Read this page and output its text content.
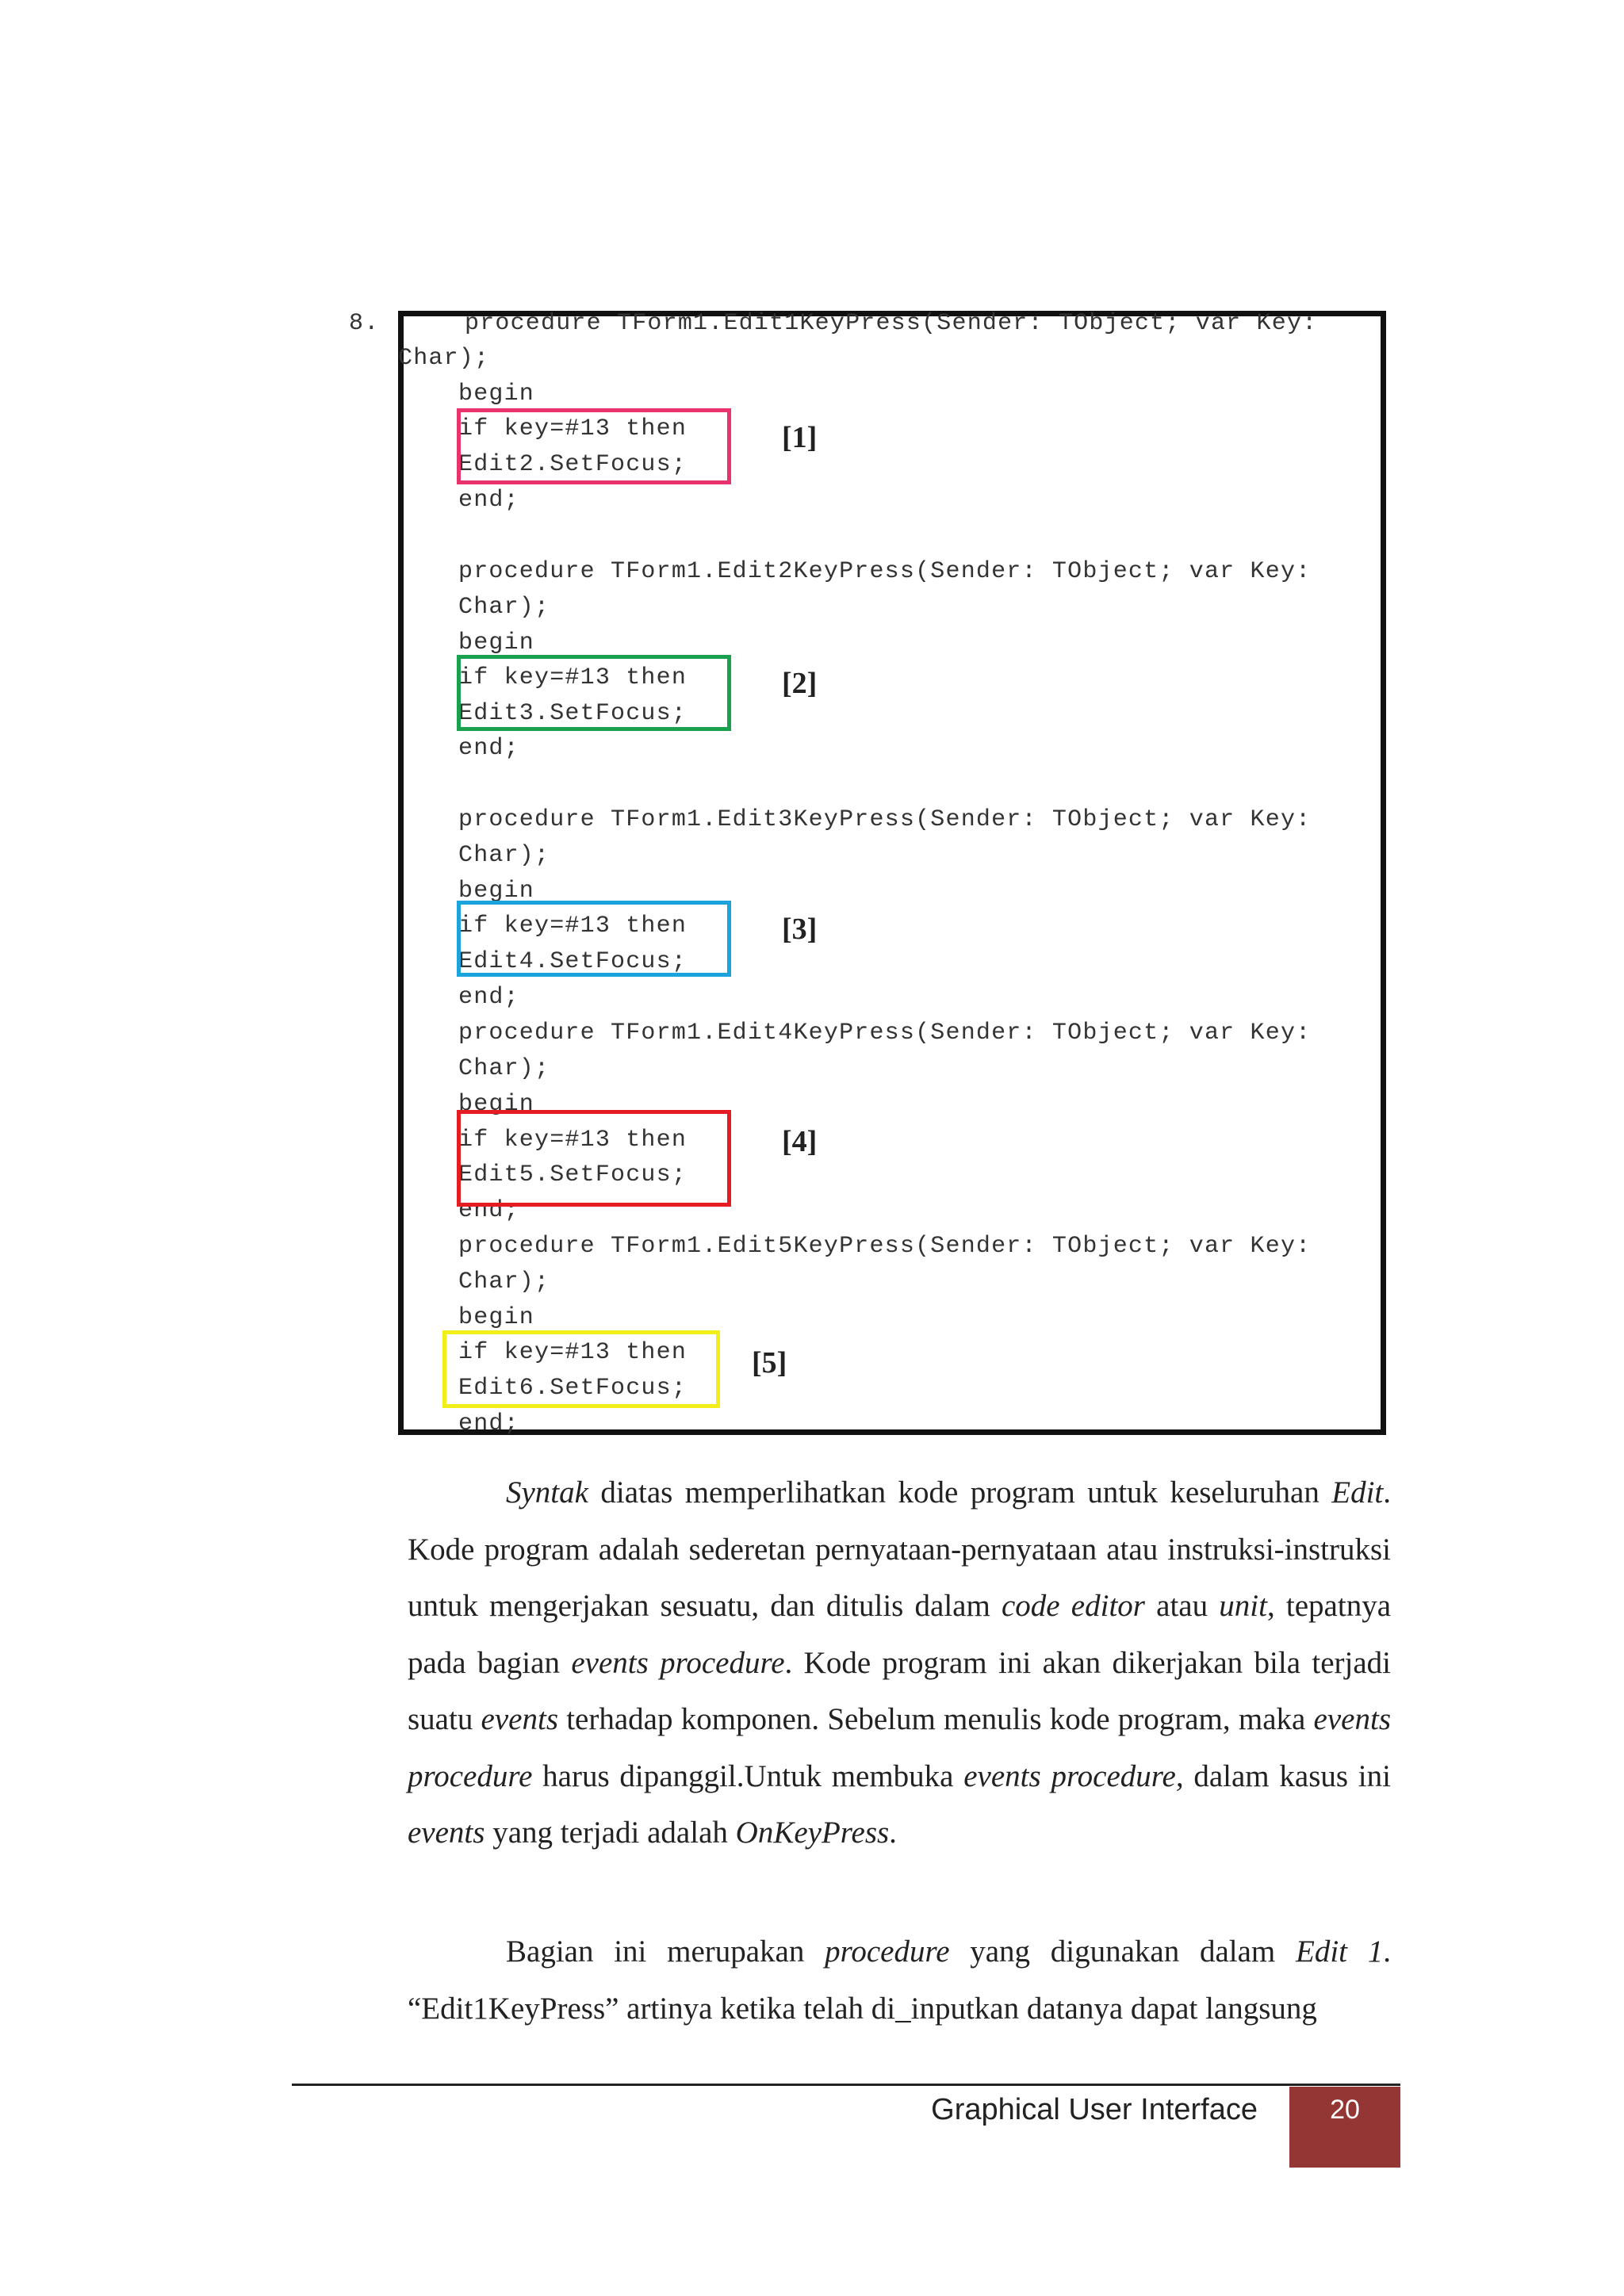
8.	procedure TForm1.Edit1KeyPress(Sender: TObject; var Key:
Char);
begin
if key=#13 then
Edit2.SetFocus;
end;
procedure TForm1.Edit2KeyPress(Sender: TObject; var Key:
Char);
begin
if key=#13 then
Edit3.SetFocus;
end;
procedure TForm1.Edit3KeyPress(Sender: TObject; var Key:
Char);
begin
if key=#13 then
Edit4.SetFocus;
end;
procedure TForm1.Edit4KeyPress(Sender: TObject; var Key:
Char);
begin
if key=#13 then
Edit5.SetFocus;
end;
procedure TForm1.Edit5KeyPress(Sender: TObject; var Key:
Char);
begin
if key=#13 then
Edit6.SetFocus;
end;
[1]
[2]
[3]
[4]
[5]

Syntak diatas memperlihatkan kode program untuk keseluruhan Edit. Kode program adalah sederetan pernyataan-pernyataan atau instruksi-instruksi untuk mengerjakan sesuatu, dan ditulis dalam code editor atau unit, tepatnya pada bagian events procedure. Kode program ini akan dikerjakan bila terjadi suatu events terhadap komponen. Sebelum menulis kode program, maka events procedure harus dipanggil.Untuk membuka events procedure, dalam kasus ini events yang terjadi adalah OnKeyPress.

Bagian ini merupakan procedure yang digunakan dalam Edit 1. “Edit1KeyPress” artinya ketika telah di_inputkan datanya dapat langsung

Graphical User Interface	20
